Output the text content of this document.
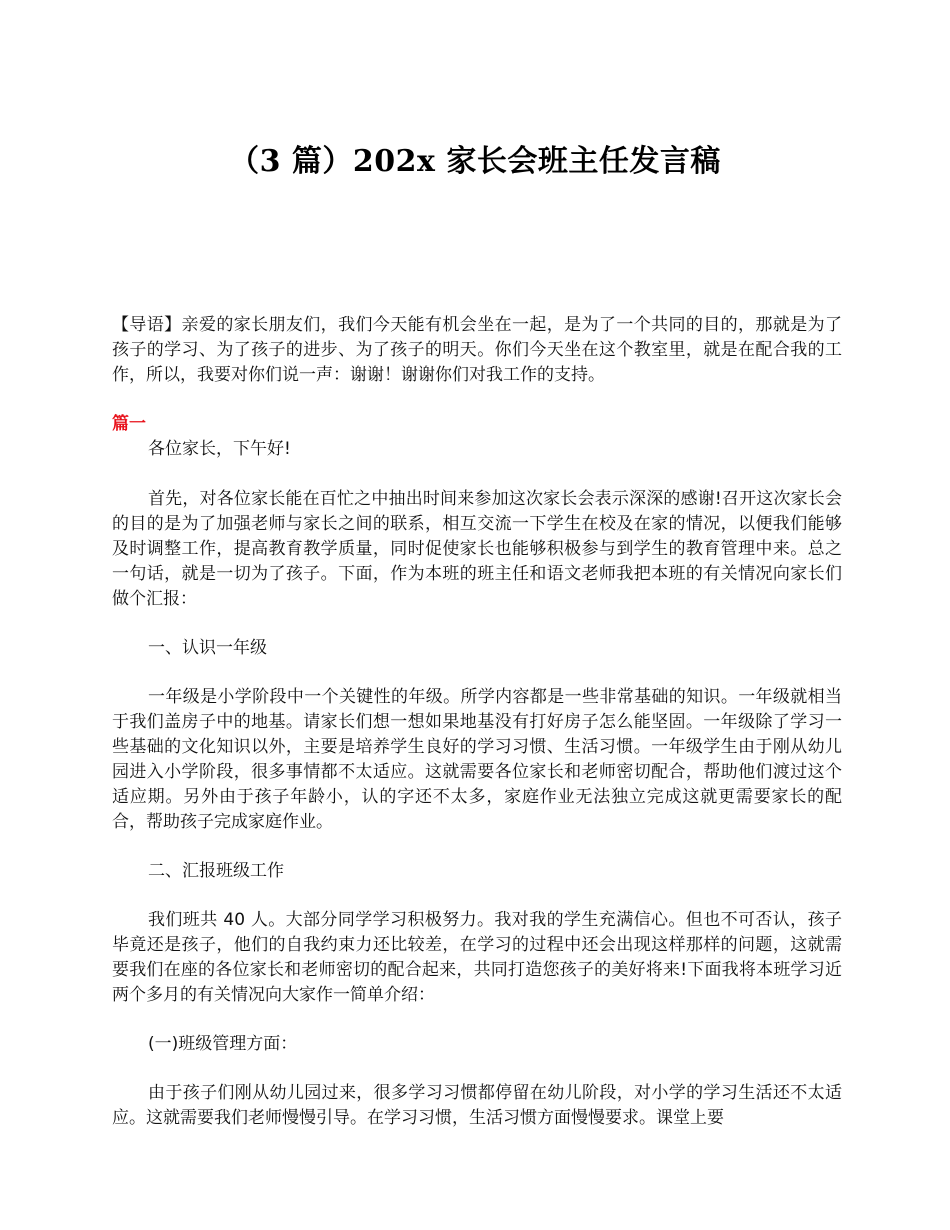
（3 篇）202x 家长会班主任发言稿

【导语】亲爱的家长朋友们，我们今天能有机会坐在一起，是为了一个共同的目的，那就是为了孩子的学习、为了孩子的进步、为了孩子的明天。你们今天坐在这个教室里，就是在配合我的工作，所以，我要对你们说一声：谢谢！谢谢你们对我工作的支持。

篇一

各位家长，下午好!

首先，对各位家长能在百忙之中抽出时间来参加这次家长会表示深深的感谢!召开这次家长会的目的是为了加强老师与家长之间的联系，相互交流一下学生在校及在家的情况，以便我们能够及时调整工作，提高教育教学质量，同时促使家长也能够积极参与到学生的教育管理中来。总之一句话，就是一切为了孩子。下面，作为本班的班主任和语文老师我把本班的有关情况向家长们做个汇报：

一、认识一年级

一年级是小学阶段中一个关键性的年级。所学内容都是一些非常基础的知识。一年级就相当于我们盖房子中的地基。请家长们想一想如果地基没有打好房子怎么能坚固。一年级除了学习一些基础的文化知识以外，主要是培养学生良好的学习习惯、生活习惯。一年级学生由于刚从幼儿园进入小学阶段，很多事情都不太适应。这就需要各位家长和老师密切配合，帮助他们渡过这个适应期。另外由于孩子年龄小，认的字还不太多，家庭作业无法独立完成这就更需要家长的配合，帮助孩子完成家庭作业。

二、汇报班级工作

我们班共 40 人。大部分同学学习积极努力。我对我的学生充满信心。但也不可否认，孩子毕竟还是孩子，他们的自我约束力还比较差，在学习的过程中还会出现这样那样的问题，这就需要我们在座的各位家长和老师密切的配合起来，共同打造您孩子的美好将来!下面我将本班学习近两个多月的有关情况向大家作一简单介绍：

(一)班级管理方面：

由于孩子们刚从幼儿园过来，很多学习习惯都停留在幼儿阶段，对小学的学习生活还不太适应。这就需要我们老师慢慢引导。在学习习惯，生活习惯方面慢慢要求。课堂上要
